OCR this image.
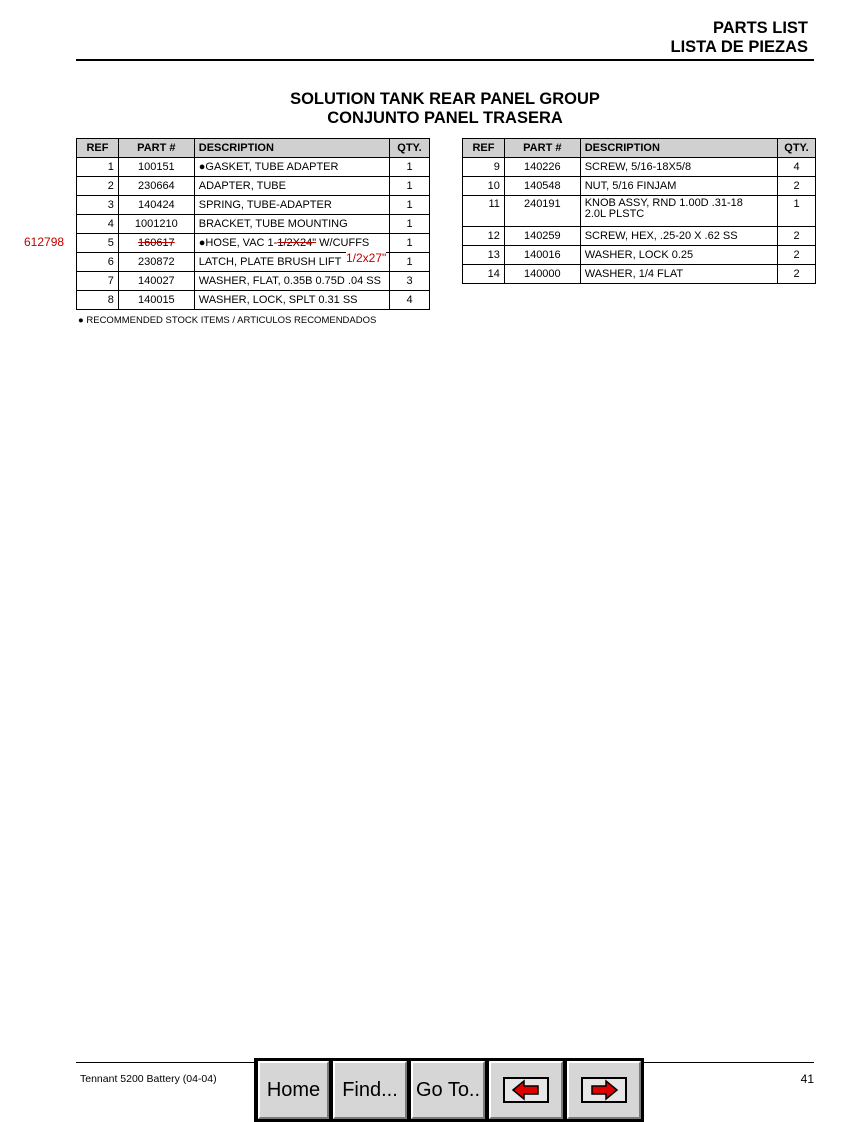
PARTS LIST
LISTA DE PIEZAS
SOLUTION TANK REAR PANEL GROUP
CONJUNTO PANEL TRASERA
REF	PART #	DESCRIPTION	QTY.
1	100151	●GASKET, TUBE ADAPTER	1
2	230664	ADAPTER, TUBE	1
3	140424	SPRING, TUBE-ADAPTER	1
4	1001210	BRACKET, TUBE MOUNTING	1
5	160617	●HOSE, VAC 1-1/2X24" W/CUFFS	1
6	230872	LATCH, PLATE BRUSH LIFT	1
7	140027	WASHER, FLAT, 0.35B 0.75D .04 SS	3
8	140015	WASHER, LOCK, SPLT 0.31 SS	4
REF	PART #	DESCRIPTION	QTY.
9	140226	SCREW, 5/16-18X5/8	4
10	140548	NUT, 5/16 FINJAM	2
11	240191	KNOB ASSY, RND 1.00D .31-18
2.0L PLSTC	1
12	140259	SCREW, HEX, .25-20 X .62 SS	2
13	140016	WASHER, LOCK 0.25	2
14	140000	WASHER, 1/4 FLAT	2
● RECOMMENDED STOCK ITEMS / ARTICULOS RECOMENDADOS
612798
1/2x27"
Tennant 5200 Battery (04-04)	41
Home	Find... Go To..
